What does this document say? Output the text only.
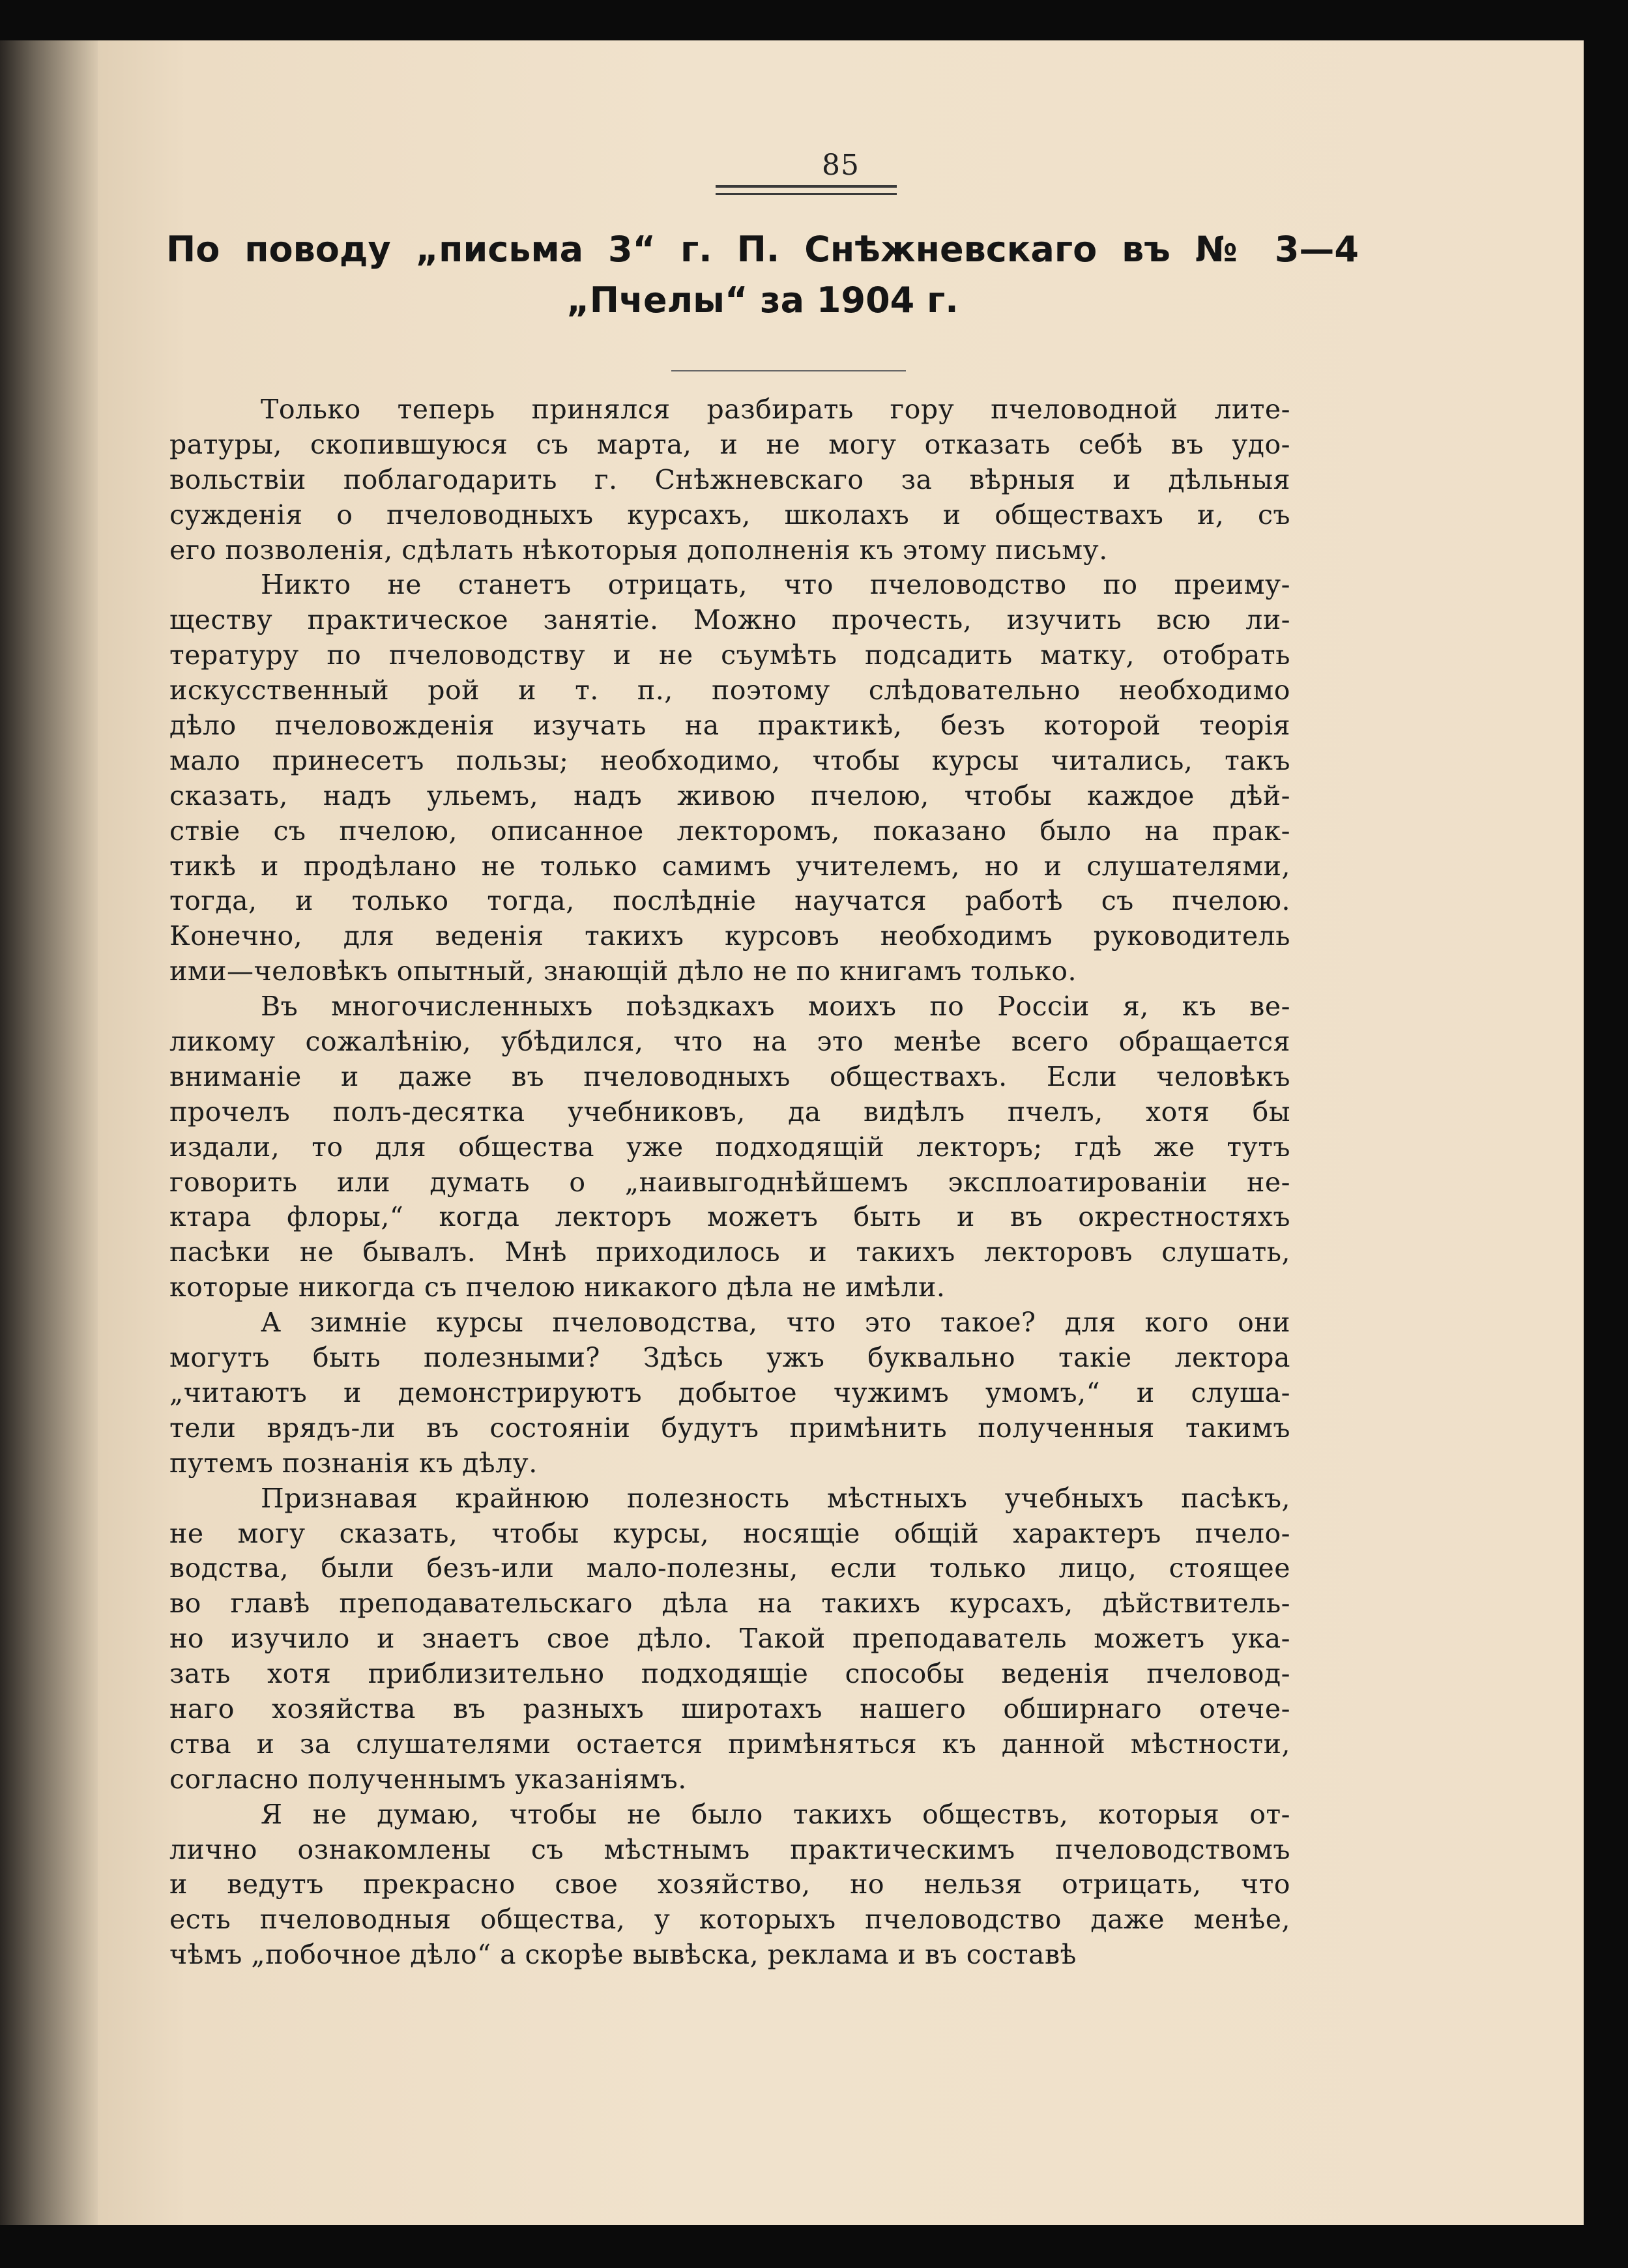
85
По поводу „письма 3“ г. П. Снѣжневскаго въ № 3—4
„Пчелы“ за 1904 г.
Только теперь принялся разбирать гору пчеловодной лите-
ратуры, скопившуюся съ марта, и не могу отказать себѣ въ удо-
вольствіи поблагодарить г. Снѣжневскаго за вѣрныя и дѣльныя
сужденія о пчеловодныхъ курсахъ, школахъ и обществахъ и, съ
его позволенія, сдѣлать нѣкоторыя дополненія къ этому письму.
Никто не станетъ отрицать, что пчеловодство по преиму-
ществу практическое занятіе. Можно прочесть, изучить всю ли-
тературу по пчеловодству и не съумѣть подсадить матку, отобрать
искусственный рой и т. п., поэтому слѣдовательно необходимо
дѣло пчеловожденія изучать на практикѣ, безъ которой теорія
мало принесетъ пользы; необходимо, чтобы курсы читались, такъ
сказать, надъ ульемъ, надъ живою пчелою, чтобы каждое дѣй-
ствіе съ пчелою, описанное лекторомъ, показано было на прак-
тикѣ и продѣлано не только самимъ учителемъ, но и слушателями,
тогда, и только тогда, послѣдніе научатся работѣ съ пчелою.
Конечно, для веденія такихъ курсовъ необходимъ руководитель
ими—человѣкъ опытный, знающій дѣло не по книгамъ только.
Въ многочисленныхъ поѣздкахъ моихъ по Россіи я, къ ве-
ликому сожалѣнію, убѣдился, что на это менѣе всего обращается
вниманіе и даже въ пчеловодныхъ обществахъ. Если человѣкъ
прочелъ полъ-десятка учебниковъ, да видѣлъ пчелъ, хотя бы
издали, то для общества уже подходящій лекторъ; гдѣ же тутъ
говорить или думать о „наивыгоднѣйшемъ эксплоатированіи не-
ктара флоры,“ когда лекторъ можетъ быть и въ окрестностяхъ
пасѣки не бывалъ. Мнѣ приходилось и такихъ лекторовъ слушать,
которые никогда съ пчелою никакого дѣла не имѣли.
А зимніе курсы пчеловодства, что это такое? для кого они
могутъ быть полезными? Здѣсь ужъ буквально такіе лектора
„читаютъ и демонстрируютъ добытое чужимъ умомъ,“ и слуша-
тели врядъ-ли въ состояніи будутъ примѣнить полученныя такимъ
путемъ познанія къ дѣлу.
Признавая крайнюю полезность мѣстныхъ учебныхъ пасѣкъ,
не могу сказать, чтобы курсы, носящіе общій характеръ пчело-
водства, были безъ-или мало-полезны, если только лицо, стоящее
во главѣ преподавательскаго дѣла на такихъ курсахъ, дѣйствитель-
но изучило и знаетъ свое дѣло. Такой преподаватель можетъ ука-
зать хотя приблизительно подходящіе способы веденія пчеловод-
наго хозяйства въ разныхъ широтахъ нашего обширнаго отече-
ства и за слушателями остается примѣняться къ данной мѣстности,
согласно полученнымъ указаніямъ.
Я не думаю, чтобы не было такихъ обществъ, которыя от-
лично ознакомлены съ мѣстнымъ практическимъ пчеловодствомъ
и ведутъ прекрасно свое хозяйство, но нельзя отрицать, что
есть пчеловодныя общества, у которыхъ пчеловодство даже менѣе,
чѣмъ „побочное дѣло“ а скорѣе вывѣска, реклама и въ составѣ
